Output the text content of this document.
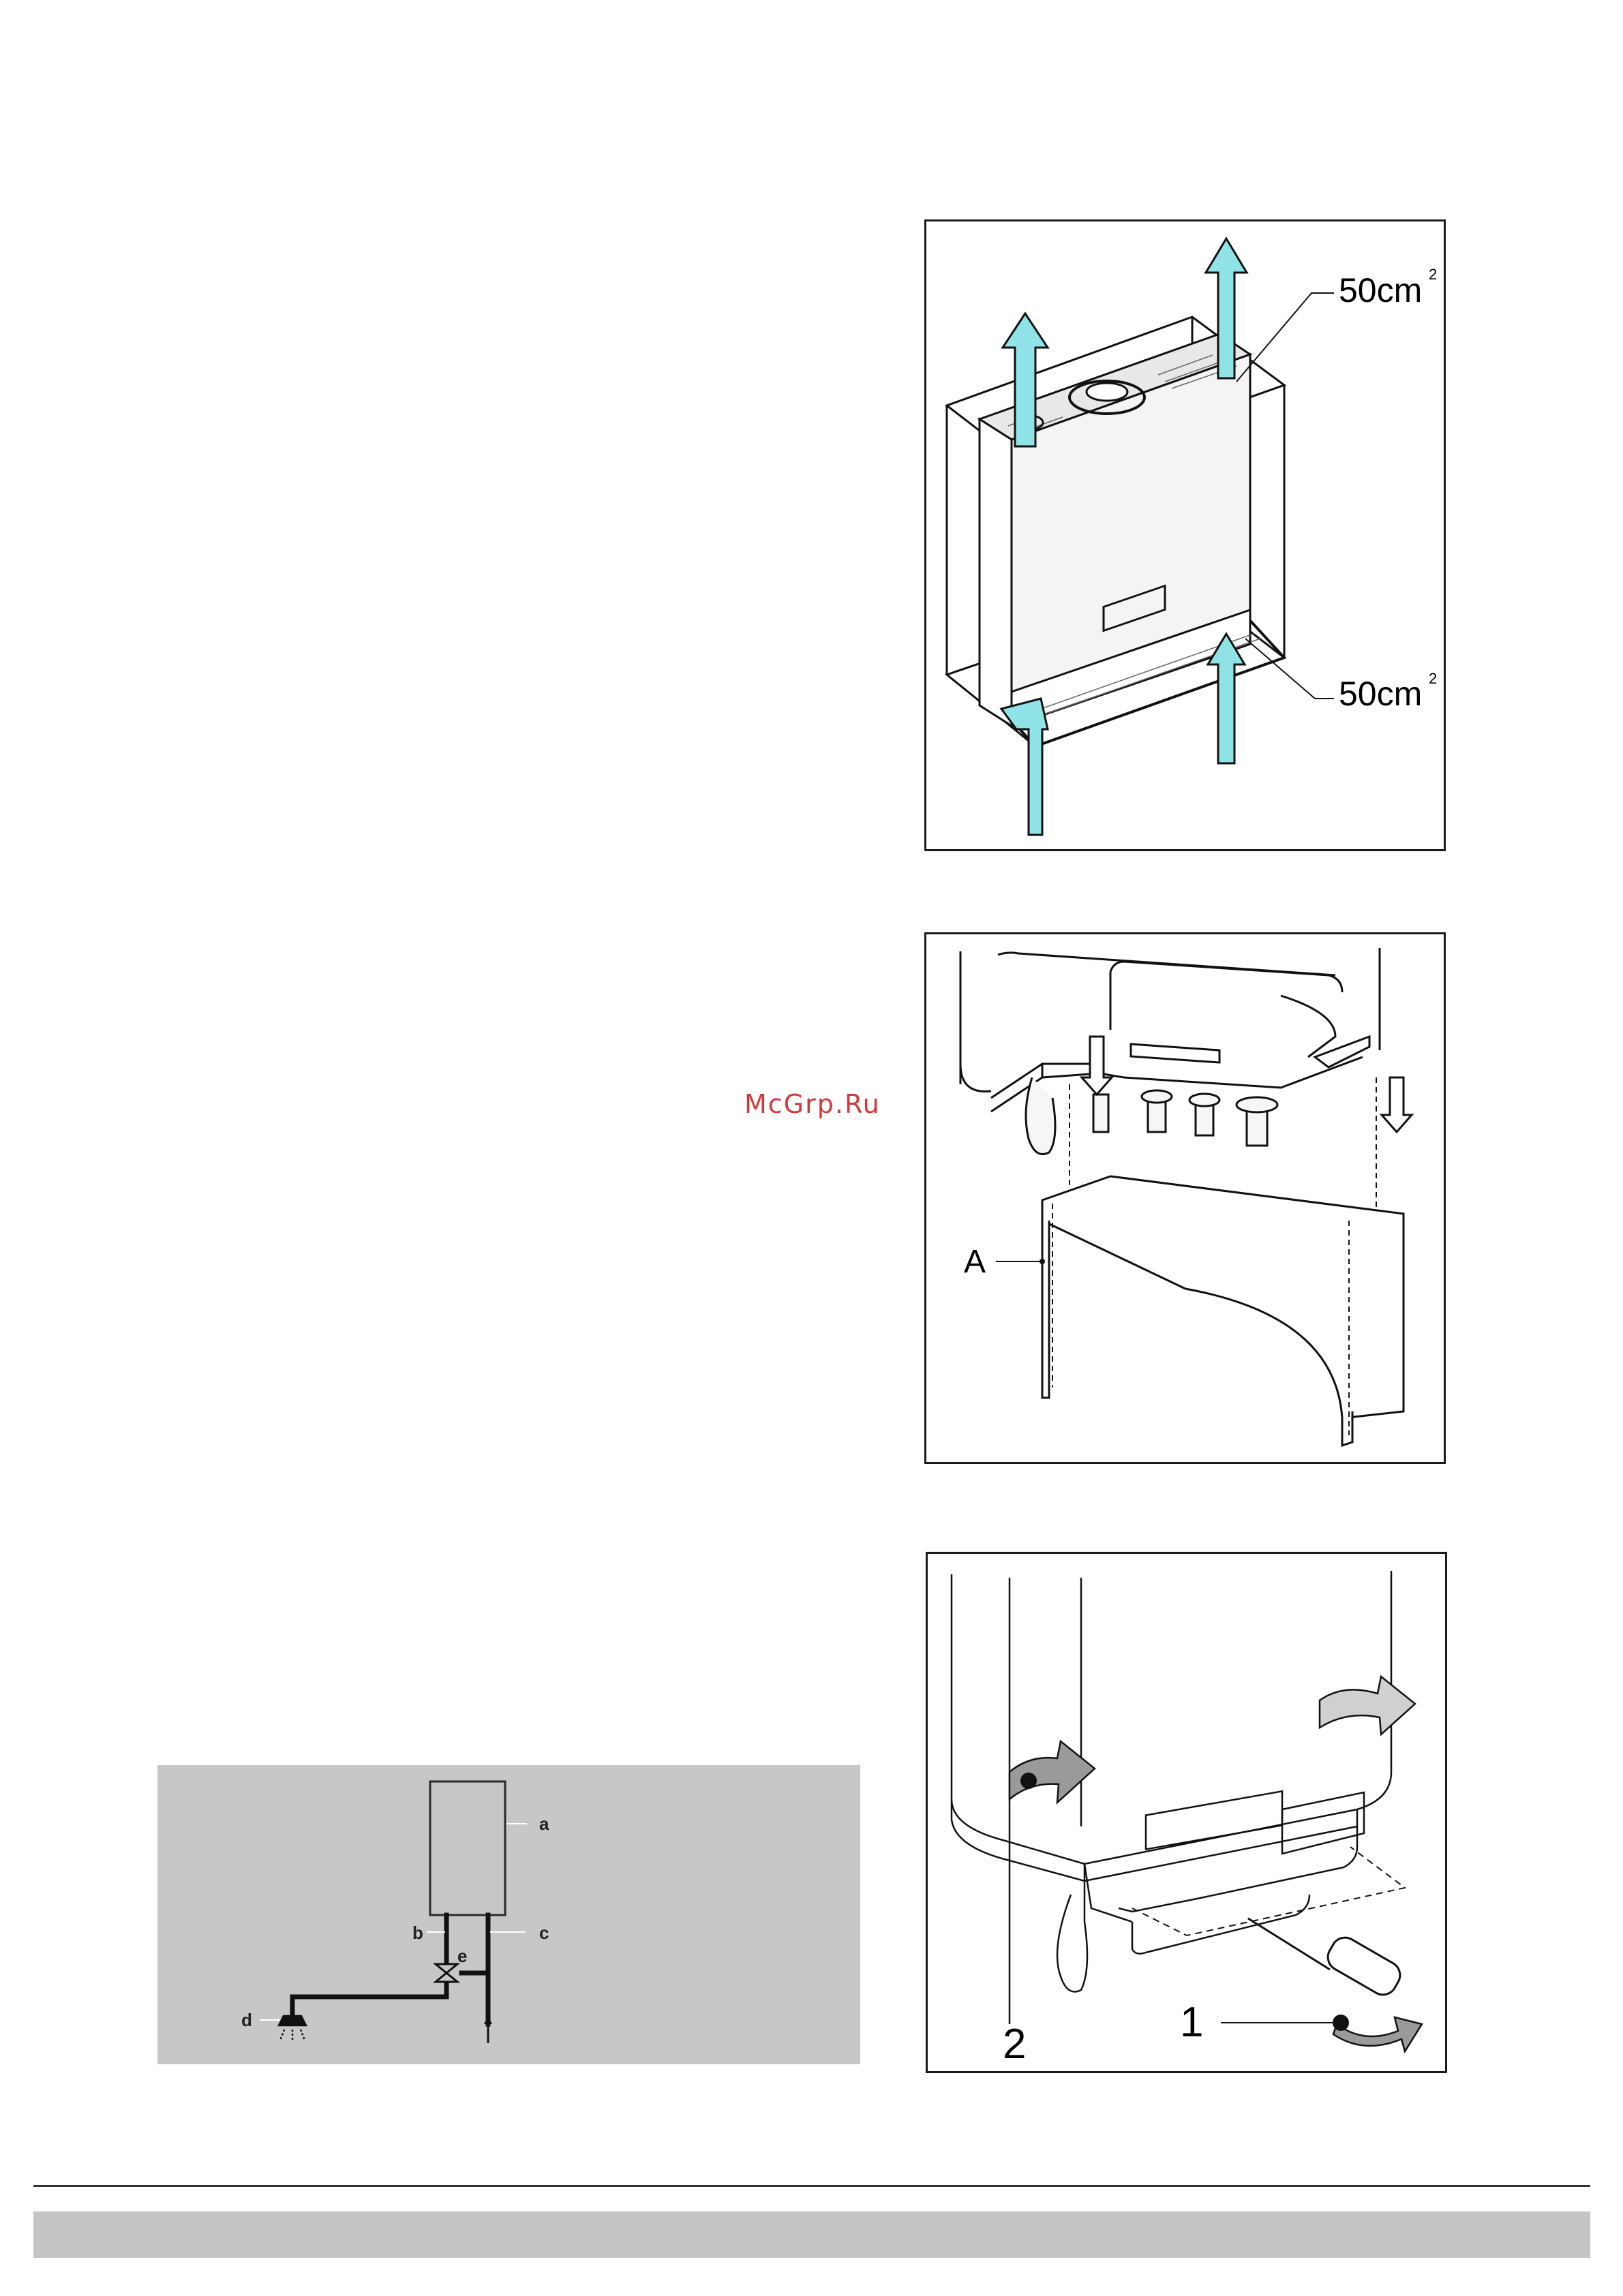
50cm 2
50cm 2
A
McGrp.Ru
1
2
a
b	c
d
e
